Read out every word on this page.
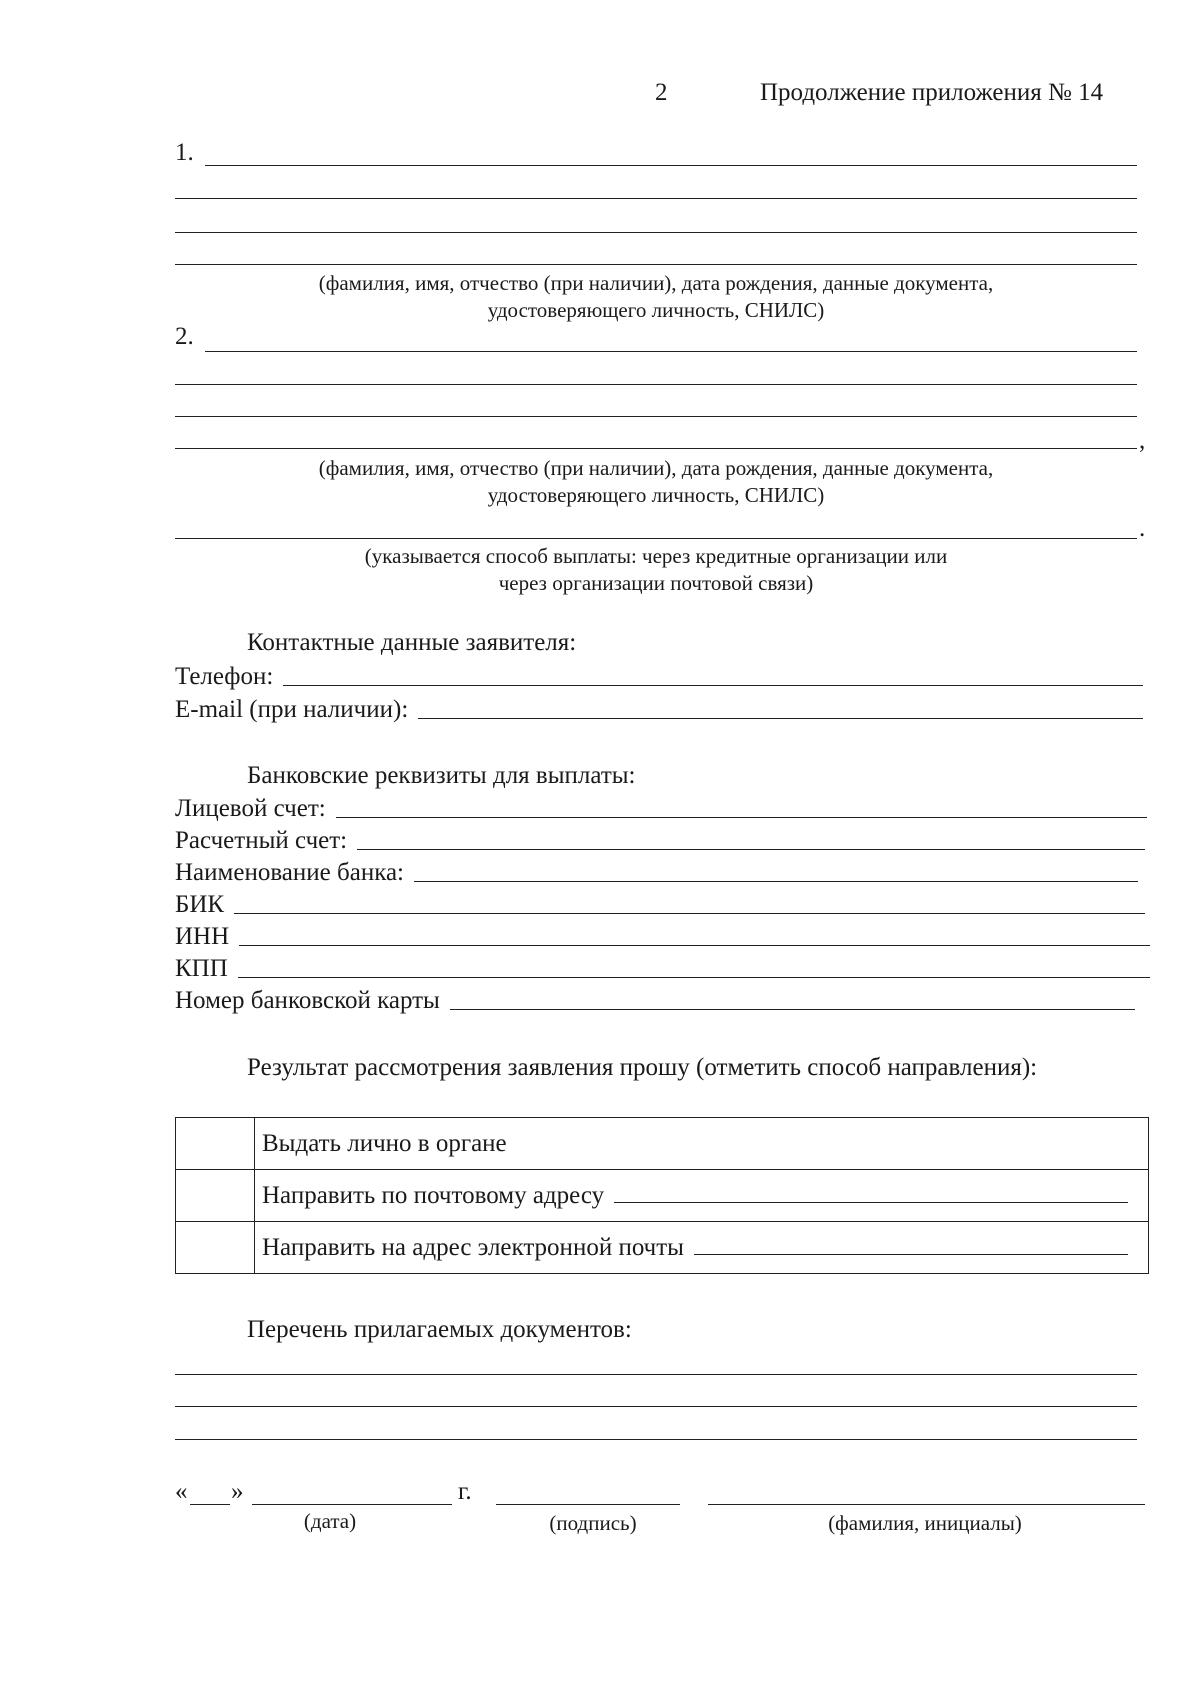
2	Продолжение приложения № 14
1.
(фамилия, имя, отчество (при наличии), дата рождения, данные документа,
удостоверяющего личность, СНИЛС)
2.
,
(фамилия, имя, отчество (при наличии), дата рождения, данные документа,
удостоверяющего личность, СНИЛС)
.
(указывается способ выплаты: через кредитные организации или
через организации почтовой связи)
Контактные данные заявителя:
Телефон:
E-mail (при наличии):
Банковские реквизиты для выплаты:
Лицевой счет:
Расчетный счет:
Наименование банка:
БИК
ИНН
КПП
Номер банковской карты
Результат рассмотрения заявления прошу (отметить способ направления):
	Выдать лично в органе

	Направить по почтовому адресу

	Направить на адрес электронной почты
Перечень прилагаемых документов:
« »	г.
(дата)	(подпись)	(фамилия, инициалы)
